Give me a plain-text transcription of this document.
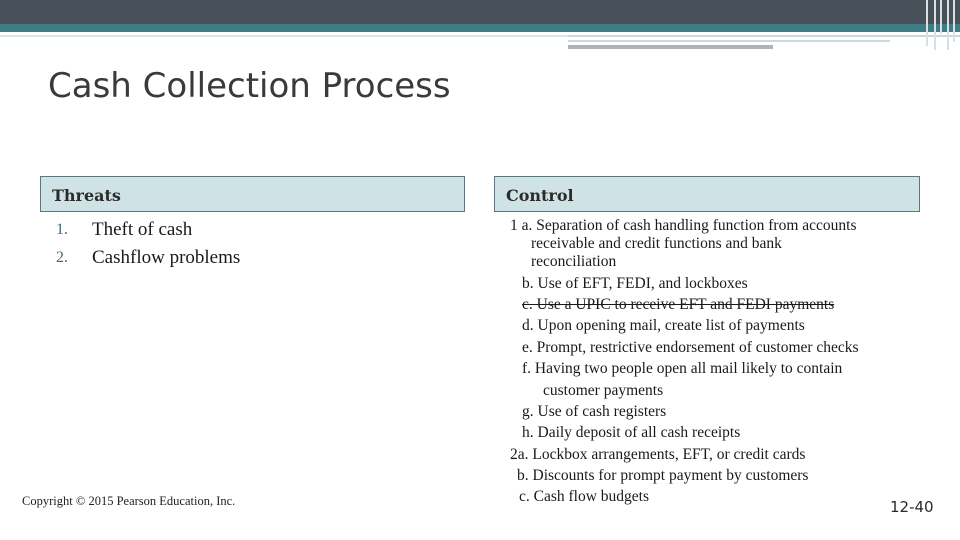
Cash Collection Process
Threats	Control
1. Theft of cash
2. Cashflow problems
1 a. Separation of cash handling function from accounts
receivable and credit functions and bank
reconciliation
b. Use of EFT, FEDI, and lockboxes
c. Use a UPIC to receive EFT and FEDI payments
d. Upon opening mail, create list of payments
e. Prompt, restrictive endorsement of customer checks
f. Having two people open all mail likely to contain
customer payments
g. Use of cash registers
h. Daily deposit of all cash receipts
2a. Lockbox arrangements, EFT, or credit cards
b. Discounts for prompt payment by customers
c. Cash flow budgets
Copyright © 2015 Pearson Education, Inc.	12-40
